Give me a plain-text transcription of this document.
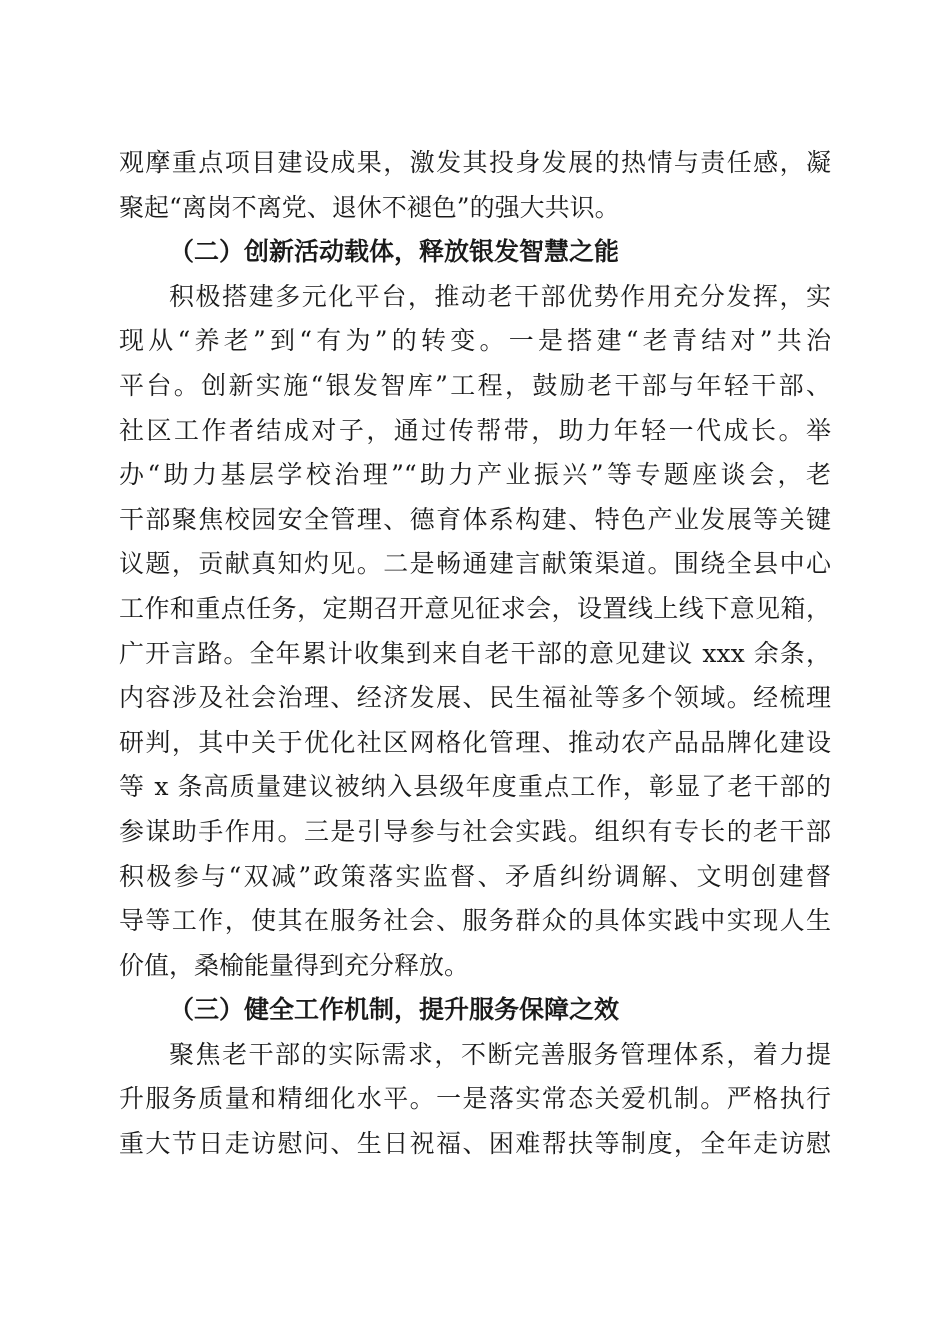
观摩重点项目建设成果，激发其投身发展的热情与责任感，凝
聚起“离岗不离党、退休不褪色”的强大共识。
（二）创新活动载体，释放银发智慧之能
积极搭建多元化平台，推动老干部优势作用充分发挥，实
现从“养老”到“有为”的转变。一是搭建“老青结对”共治
平台。创新实施“银发智库”工程，鼓励老干部与年轻干部、
社区工作者结成对子，通过传帮带，助力年轻一代成长。举
办“助力基层学校治理”“助力产业振兴”等专题座谈会，老
干部聚焦校园安全管理、德育体系构建、特色产业发展等关键
议题，贡献真知灼见。二是畅通建言献策渠道。围绕全县中心
工作和重点任务，定期召开意见征求会，设置线上线下意见箱，
广开言路。全年累计收集到来自老干部的意见建议 xxx 余条，
内容涉及社会治理、经济发展、民生福祉等多个领域。经梳理
研判，其中关于优化社区网格化管理、推动农产品品牌化建设
等 x 条高质量建议被纳入县级年度重点工作，彰显了老干部的
参谋助手作用。三是引导参与社会实践。组织有专长的老干部
积极参与“双减”政策落实监督、矛盾纠纷调解、文明创建督
导等工作，使其在服务社会、服务群众的具体实践中实现人生
价值，桑榆能量得到充分释放。
（三）健全工作机制，提升服务保障之效
聚焦老干部的实际需求，不断完善服务管理体系，着力提
升服务质量和精细化水平。一是落实常态关爱机制。严格执行
重大节日走访慰问、生日祝福、困难帮扶等制度，全年走访慰
